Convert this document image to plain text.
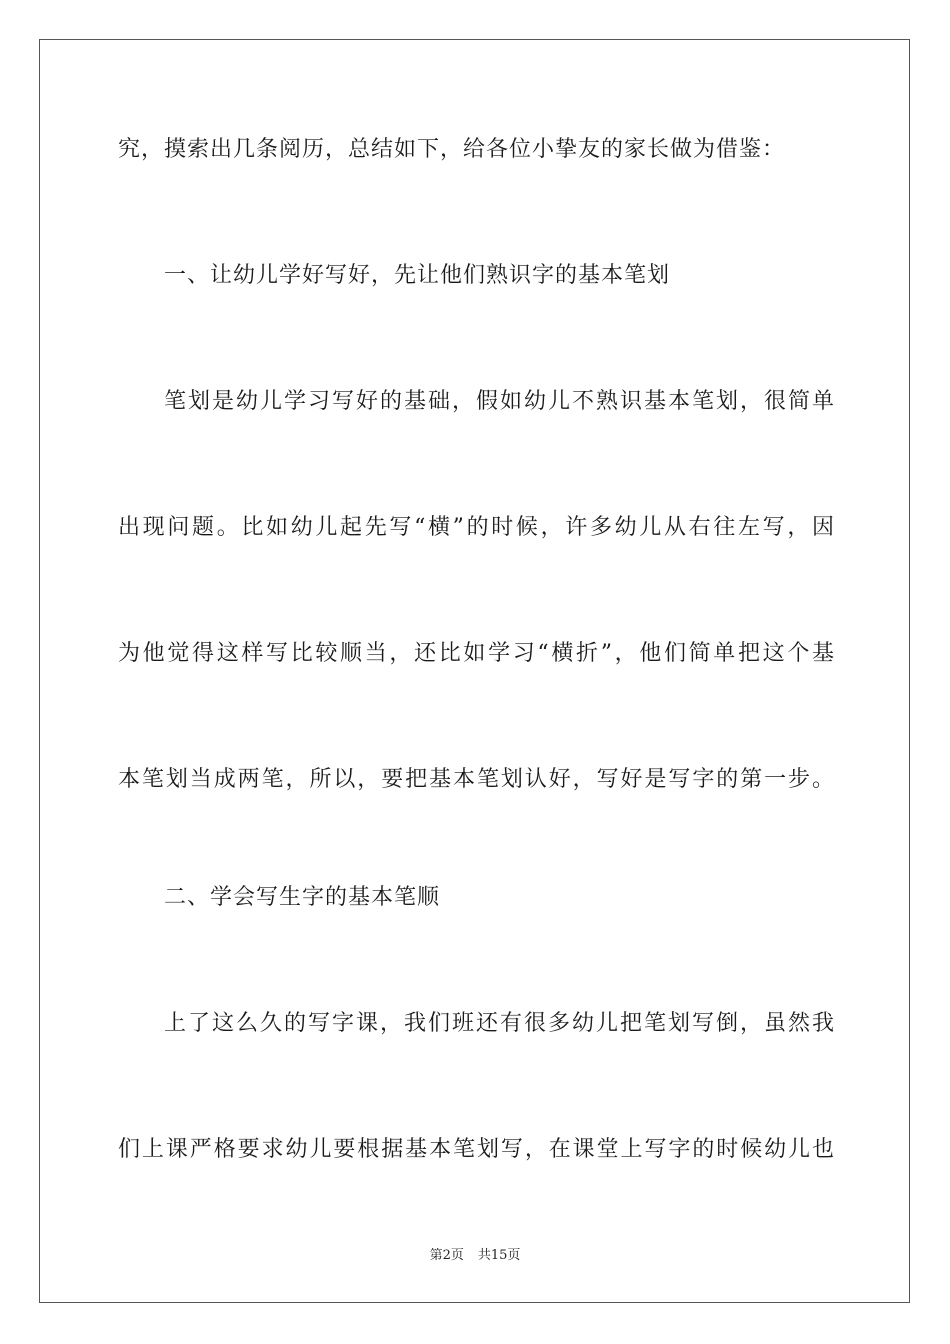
究，摸索出几条阅历，总结如下，给各位小挚友的家长做为借鉴：
一、让幼儿学好写好，先让他们熟识字的基本笔划
笔划是幼儿学习写好的基础，假如幼儿不熟识基本笔划，很简单
出现问题。比如幼儿起先写“横”的时候，许多幼儿从右往左写，因
为他觉得这样写比较顺当，还比如学习“横折”，他们简单把这个基
本笔划当成两笔，所以，要把基本笔划认好，写好是写字的第一步。
二、学会写生字的基本笔顺
上了这么久的写字课，我们班还有很多幼儿把笔划写倒，虽然我
们上课严格要求幼儿要根据基本笔划写，在课堂上写字的时候幼儿也
第2页 共15页
